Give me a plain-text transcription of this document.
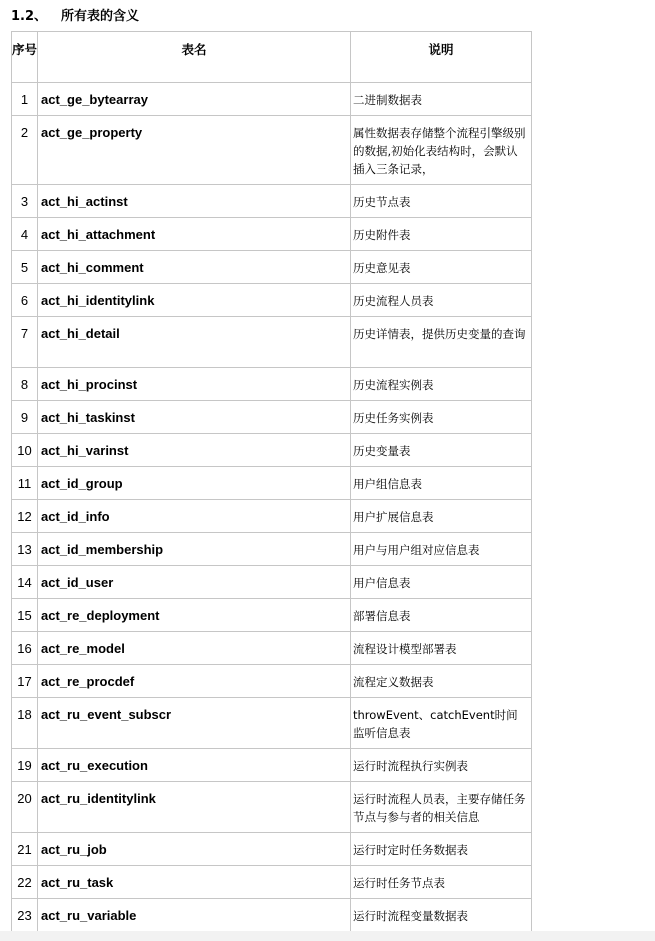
1.2、 所有表的含义
序号	表名	说明
1	act_ge_bytearray	二进制数据表
2	act_ge_property	属性数据表存储整个流程引擎级别的数据,初始化表结构时，会默认插入三条记录，
3	act_hi_actinst	历史节点表
4	act_hi_attachment	历史附件表
5	act_hi_comment	历史意见表
6	act_hi_identitylink	历史流程人员表
7	act_hi_detail	历史详情表，提供历史变量的查询
8	act_hi_procinst	历史流程实例表
9	act_hi_taskinst	历史任务实例表
10	act_hi_varinst	历史变量表
11	act_id_group	用户组信息表
12	act_id_info	用户扩展信息表
13	act_id_membership	用户与用户组对应信息表
14	act_id_user	用户信息表
15	act_re_deployment	部署信息表
16	act_re_model	流程设计模型部署表
17	act_re_procdef	流程定义数据表
18	act_ru_event_subscr	throwEvent、catchEvent时间监听信息表
19	act_ru_execution	运行时流程执行实例表
20	act_ru_identitylink	运行时流程人员表，主要存储任务节点与参与者的相关信息
21	act_ru_job	运行时定时任务数据表
22	act_ru_task	运行时任务节点表
23	act_ru_variable	运行时流程变量数据表
